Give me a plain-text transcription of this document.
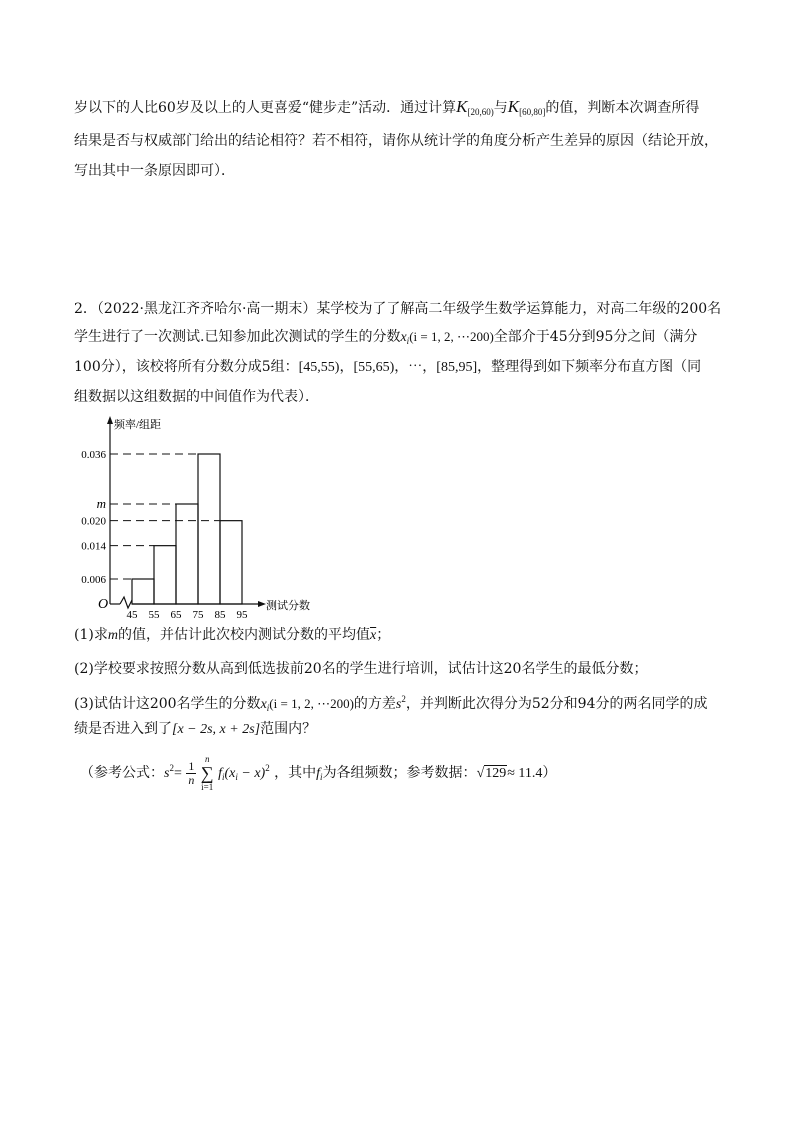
岁以下的人比60岁及以上的人更喜爱“健步走”活动．通过计算$K_{[20,60)}$与$K_{[60,80]}$的值，判断本次调查所得
结果是否与权威部门给出的结论相符？若不相符，请你从统计学的角度分析产生差异的原因（结论开放，
写出其中一条原因即可）．
2．（2022·黑龙江齐齐哈尔·高一期末）某学校为了了解高二年级学生数学运算能力，对高二年级的200名
学生进行了一次测试.已知参加此次测试的学生的分数$x_i(i = 1$, 2, ⋯200)全部介于45分到95分之间（满分
100分），该校将所有分数分成5组：[45,55)，[55,65)，⋯，[85,95]，整理得到如下频率分布直方图（同
组数据以这组数据的中间值作为代表）．
频率/组距
测试分数
O
0.036
m
0.020
0.014
0.006
45 55 65 75 85 95
(1)求m的值，并估计此次校内测试分数的平均值$\overline{x}$；
(2)学校要求按照分数从高到低选拔前20名的学生进行培训，试估计这20名学生的最低分数；
(3)试估计这200名学生的分数$x_i(i = 1$, 2, ⋯200)的方差$s^2$，并判断此次得分为52分和94分的两名同学的成
绩是否进入到了[x − 2s, x + 2s]范围内？
（参考公式：$s^2= \frac{1}{n}$
n
∑
i=1 $f_i(x_i - x)^2$ ，其中$f_i$为各组频数；参考数据：√129≈ 11.4）
